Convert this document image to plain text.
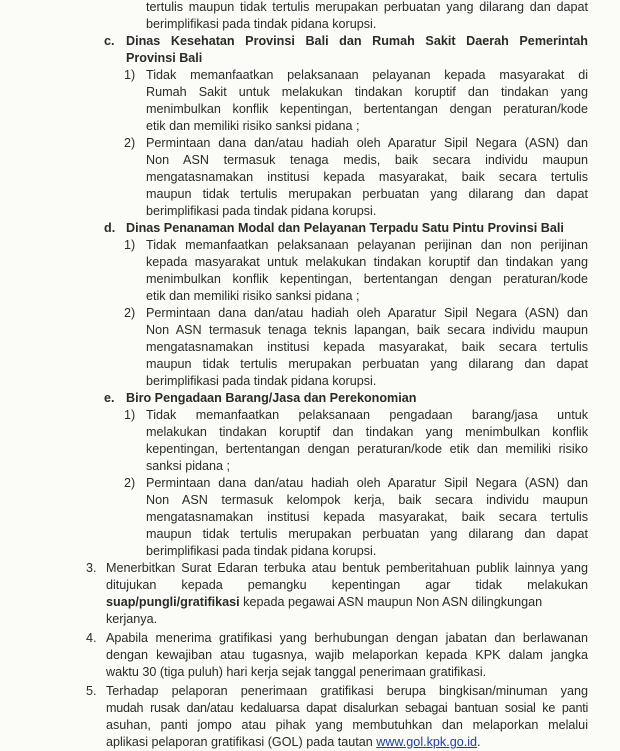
tertulis maupun tidak tertulis merupakan perbuatan yang dilarang dan dapat
berimplifikasi pada tindak pidana korupsi.
c. Dinas Kesehatan Provinsi Bali dan Rumah Sakit Daerah Pemerintah
Provinsi Bali
1) Tidak memanfaatkan pelaksanaan pelayanan kepada masyarakat di
Rumah Sakit untuk melakukan tindakan koruptif dan tindakan yang
menimbulkan konflik kepentingan, bertentangan dengan peraturan/kode
etik dan memiliki risiko sanksi pidana ;
2) Permintaan dana dan/atau hadiah oleh Aparatur Sipil Negara (ASN) dan
Non ASN termasuk tenaga medis, baik secara individu maupun
mengatasnamakan institusi kepada masyarakat, baik secara tertulis
maupun tidak tertulis merupakan perbuatan yang dilarang dan dapat
berimplifikasi pada tindak pidana korupsi.
d. Dinas Penanaman Modal dan Pelayanan Terpadu Satu Pintu Provinsi Bali
1) Tidak memanfaatkan pelaksanaan pelayanan perijinan dan non perijinan
kepada masyarakat untuk melakukan tindakan koruptif dan tindakan yang
menimbulkan konflik kepentingan, bertentangan dengan peraturan/kode
etik dan memiliki risiko sanksi pidana ;
2) Permintaan dana dan/atau hadiah oleh Aparatur Sipil Negara (ASN) dan
Non ASN termasuk tenaga teknis lapangan, baik secara individu maupun
mengatasnamakan institusi kepada masyarakat, baik secara tertulis
maupun tidak tertulis merupakan perbuatan yang dilarang dan dapat
berimplifikasi pada tindak pidana korupsi.
e. Biro Pengadaan Barang/Jasa dan Perekonomian
1) Tidak memanfaatkan pelaksanaan pengadaan barang/jasa untuk
melakukan tindakan koruptif dan tindakan yang menimbulkan konflik
kepentingan, bertentangan dengan peraturan/kode etik dan memiliki risiko
sanksi pidana ;
2) Permintaan dana dan/atau hadiah oleh Aparatur Sipil Negara (ASN) dan
Non ASN termasuk kelompok kerja, baik secara individu maupun
mengatasnamakan institusi kepada masyarakat, baik secara tertulis
maupun tidak tertulis merupakan perbuatan yang dilarang dan dapat
berimplifikasi pada tindak pidana korupsi.
3. Menerbitkan Surat Edaran terbuka atau bentuk pemberitahuan publik lainnya yang
ditujukan kepada pemangku kepentingan agar tidak melakukan
suap/pungli/gratifikasi kepada pegawai ASN maupun Non ASN dilingkungan
kerjanya.
4. Apabila menerima gratifikasi yang berhubungan dengan jabatan dan berlawanan
dengan kewajiban atau tugasnya, wajib melaporkan kepada KPK dalam jangka
waktu 30 (tiga puluh) hari kerja sejak tanggal penerimaan gratifikasi.
5. Terhadap pelaporan penerimaan gratifikasi berupa bingkisan/minuman yang
mudah rusak dan/atau kedaluarsa dapat disalurkan sebagai bantuan sosial ke panti
asuhan, panti jompo atau pihak yang membutuhkan dan melaporkan melalui
aplikasi pelaporan gratifikasi (GOL) pada tautan www.gol.kpk.go.id.
